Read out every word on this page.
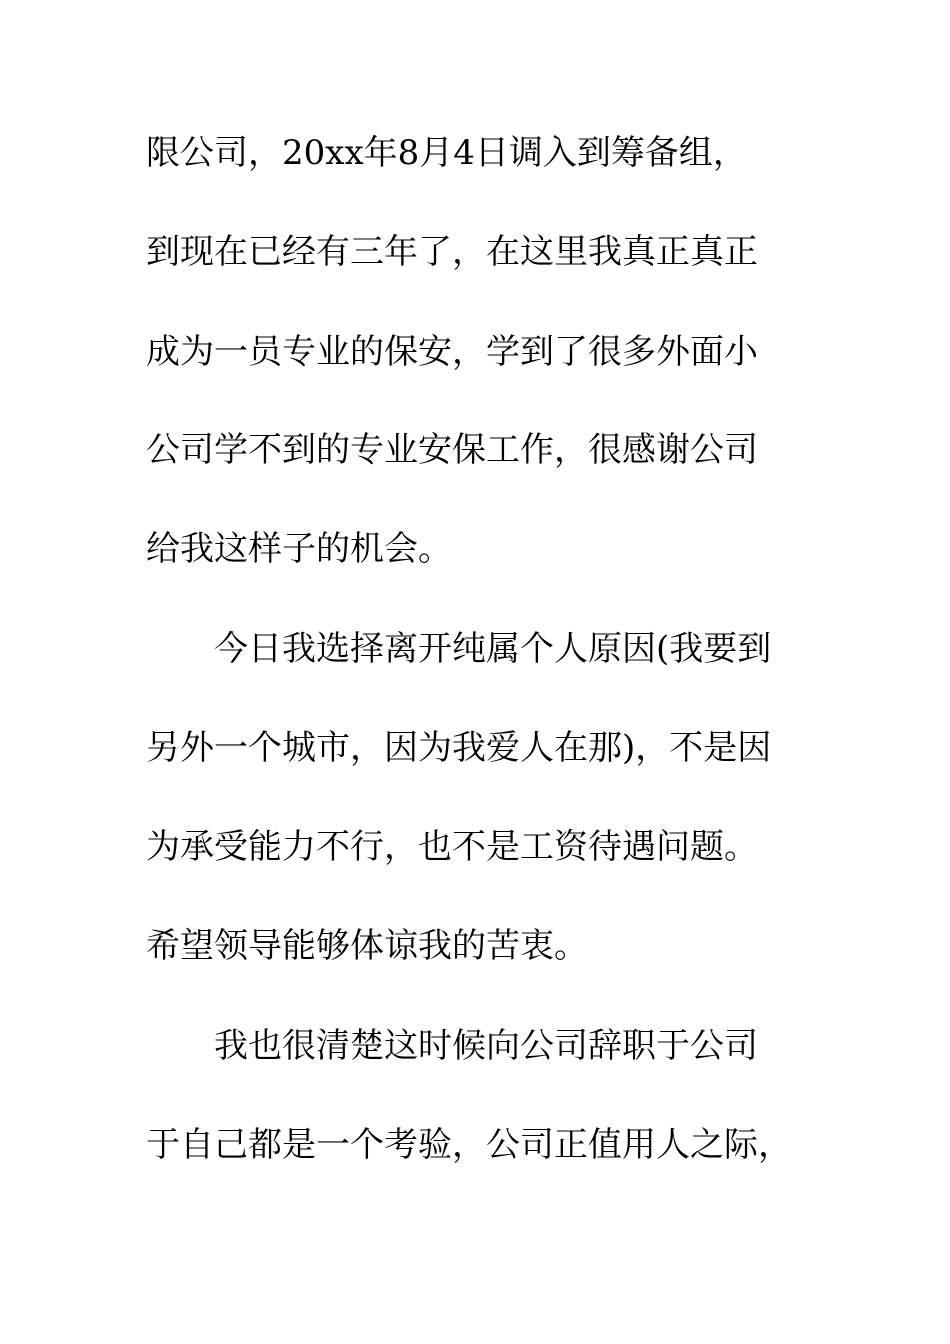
限公司，20xx年8月4日调入到筹备组，
到现在已经有三年了，在这里我真正真正
成为一员专业的保安，学到了很多外面小
公司学不到的专业安保工作，很感谢公司
给我这样子的机会。
今日我选择离开纯属个人原因(我要到
另外一个城市，因为我爱人在那)，不是因
为承受能力不行，也不是工资待遇问题。
希望领导能够体谅我的苦衷。
我也很清楚这时候向公司辞职于公司
于自己都是一个考验，公司正值用人之际，
